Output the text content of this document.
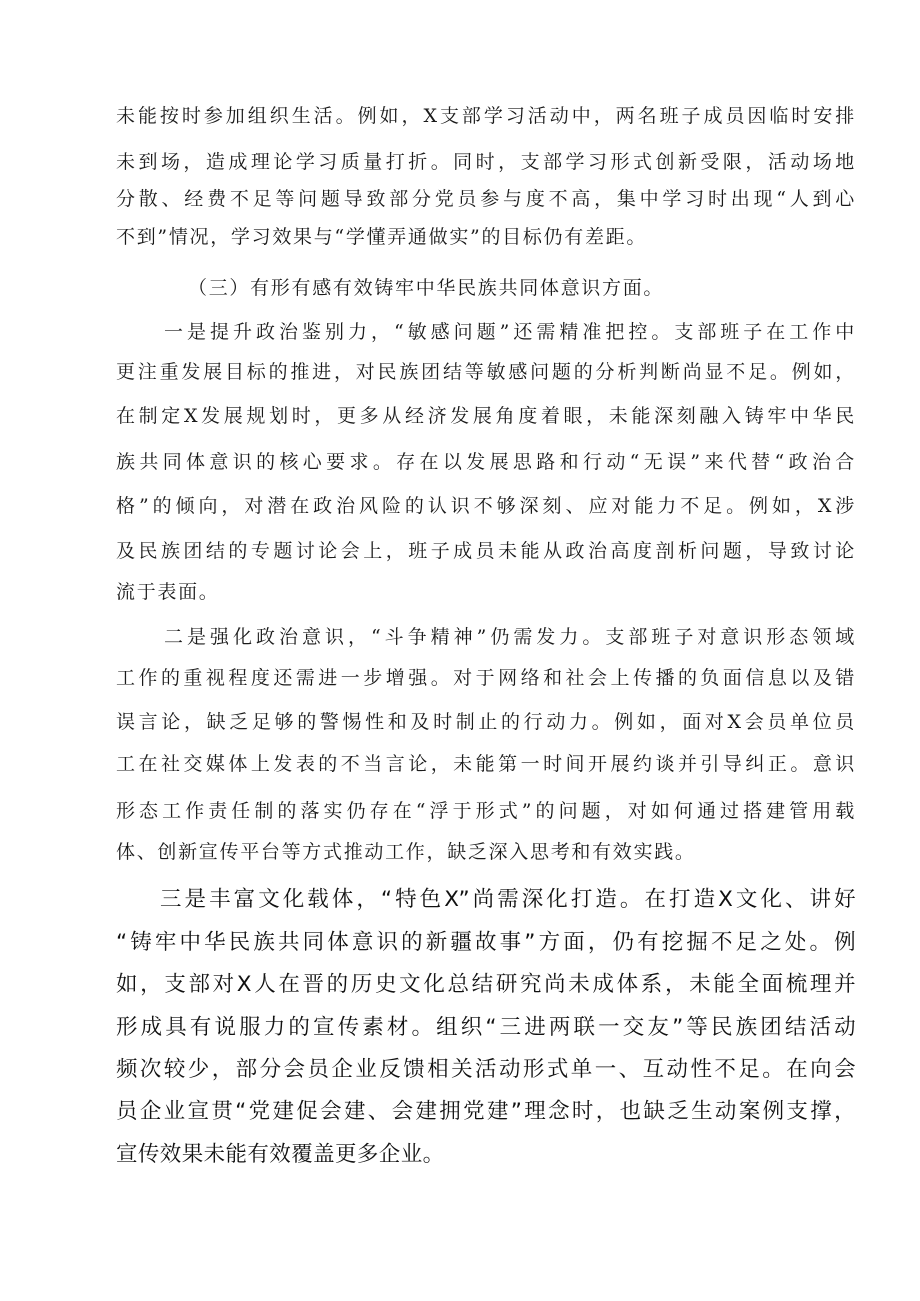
未能按时参加组织生活。例如，X支部学习活动中，两名班子成员因临时安排

未到场，造成理论学习质量打折。同时，支部学习形式创新受限，活动场地

分散、经费不足等问题导致部分党员参与度不高，集中学习时出现“人到心

不到”情况，学习效果与“学懂弄通做实”的目标仍有差距。

（三）有形有感有效铸牢中华民族共同体意识方面。

一是提升政治鉴别力，“敏感问题”还需精准把控。支部班子在工作中

更注重发展目标的推进，对民族团结等敏感问题的分析判断尚显不足。例如，

在制定X发展规划时，更多从经济发展角度着眼，未能深刻融入铸牢中华民

族共同体意识的核心要求。存在以发展思路和行动“无误”来代替“政治合

格”的倾向，对潜在政治风险的认识不够深刻、应对能力不足。例如，X涉

及民族团结的专题讨论会上，班子成员未能从政治高度剖析问题，导致讨论

流于表面。

二是强化政治意识，“斗争精神”仍需发力。支部班子对意识形态领域

工作的重视程度还需进一步增强。对于网络和社会上传播的负面信息以及错

误言论，缺乏足够的警惕性和及时制止的行动力。例如，面对X会员单位员

工在社交媒体上发表的不当言论，未能第一时间开展约谈并引导纠正。意识

形态工作责任制的落实仍存在“浮于形式”的问题，对如何通过搭建管用载

体、创新宣传平台等方式推动工作，缺乏深入思考和有效实践。

三是丰富文化载体，“特色X”尚需深化打造。在打造X文化、讲好

“铸牢中华民族共同体意识的新疆故事”方面，仍有挖掘不足之处。例

如，支部对X人在晋的历史文化总结研究尚未成体系，未能全面梳理并

形成具有说服力的宣传素材。组织“三进两联一交友”等民族团结活动

频次较少，部分会员企业反馈相关活动形式单一、互动性不足。在向会

员企业宣贯“党建促会建、会建拥党建”理念时，也缺乏生动案例支撑，

宣传效果未能有效覆盖更多企业。
